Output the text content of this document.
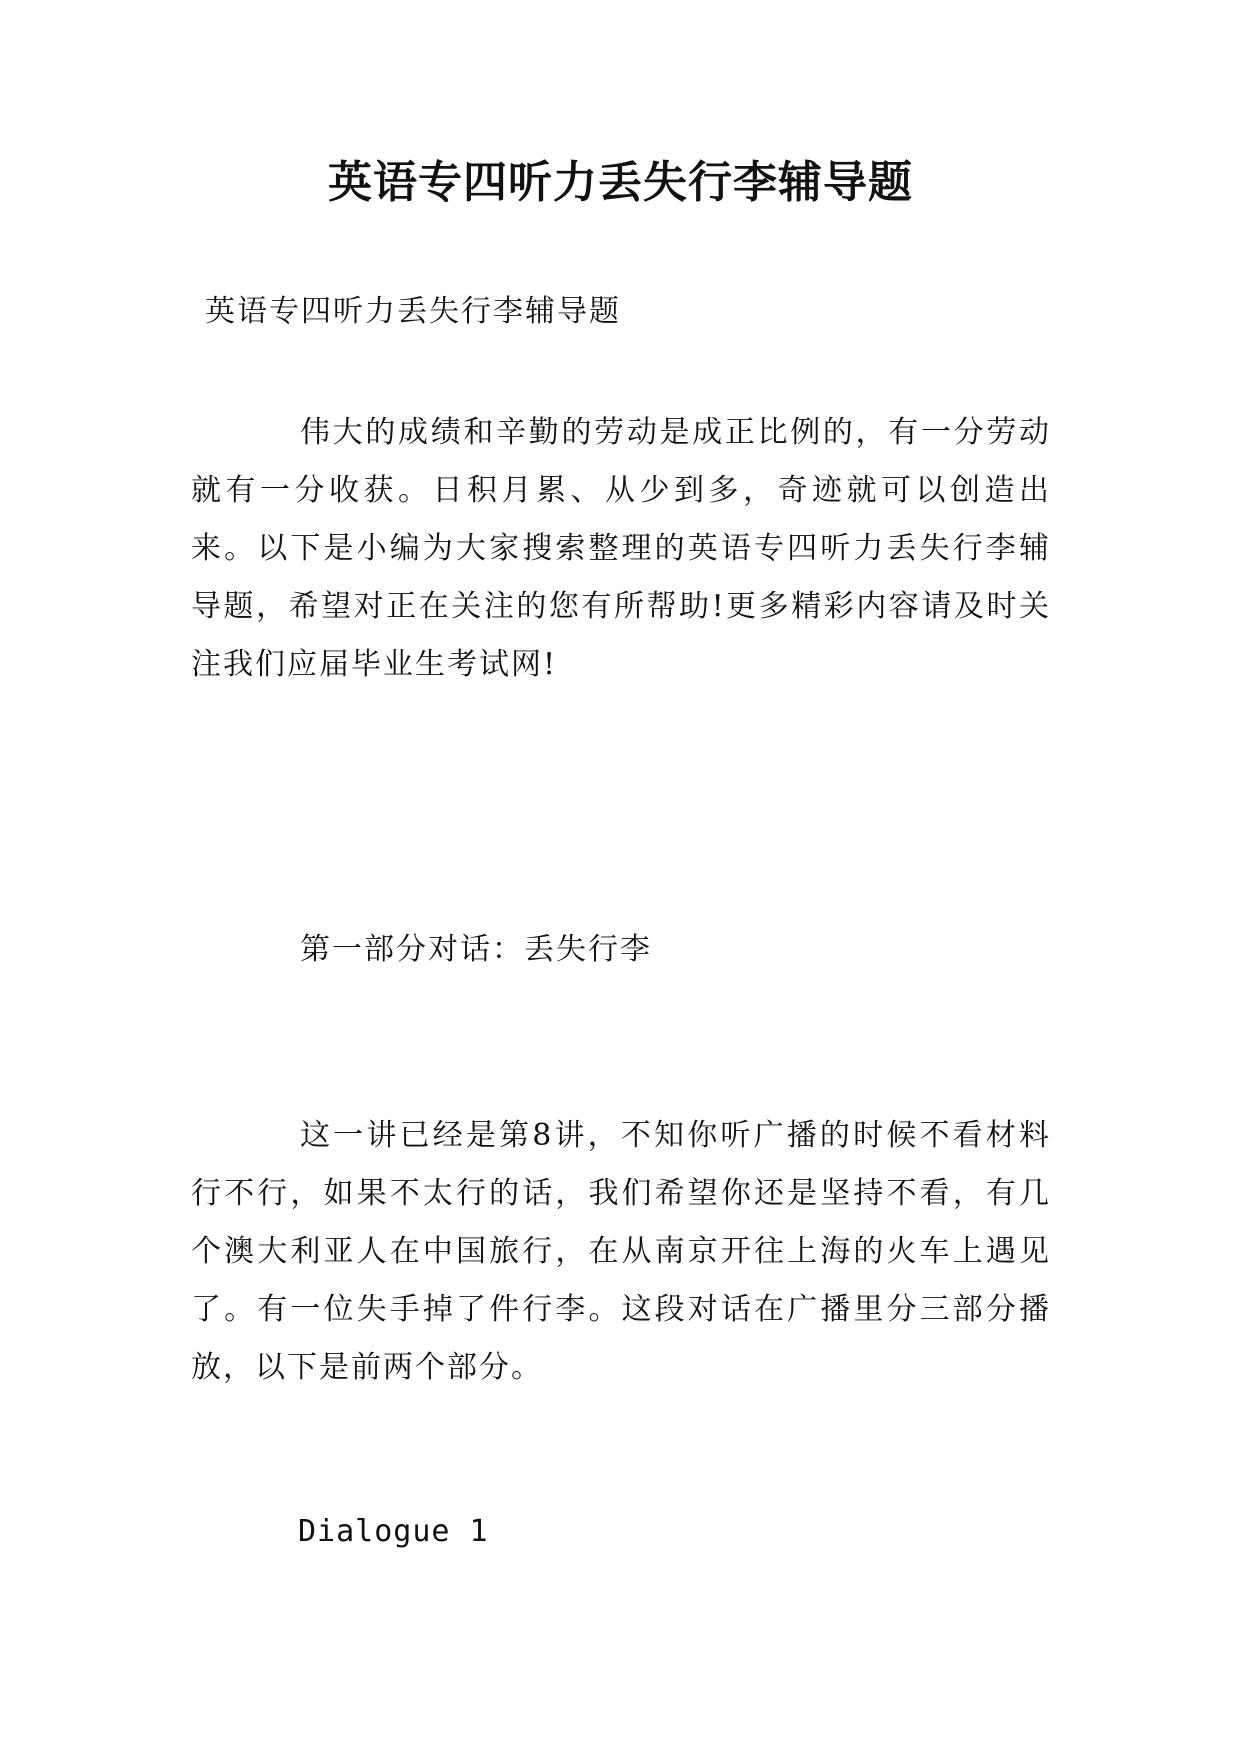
英语专四听力丢失行李辅导题

英语专四听力丢失行李辅导题

伟大的成绩和辛勤的劳动是成正比例的，有一分劳动就有一分收获。日积月累、从少到多，奇迹就可以创造出来。以下是小编为大家搜索整理的英语专四听力丢失行李辅导题，希望对正在关注的您有所帮助!更多精彩内容请及时关注我们应届毕业生考试网!

第一部分对话：丢失行李

这一讲已经是第8讲，不知你听广播的时候不看材料行不行，如果不太行的话，我们希望你还是坚持不看，有几个澳大利亚人在中国旅行，在从南京开往上海的火车上遇见了。有一位失手掉了件行李。这段对话在广播里分三部分播放，以下是前两个部分。

Dialogue 1
